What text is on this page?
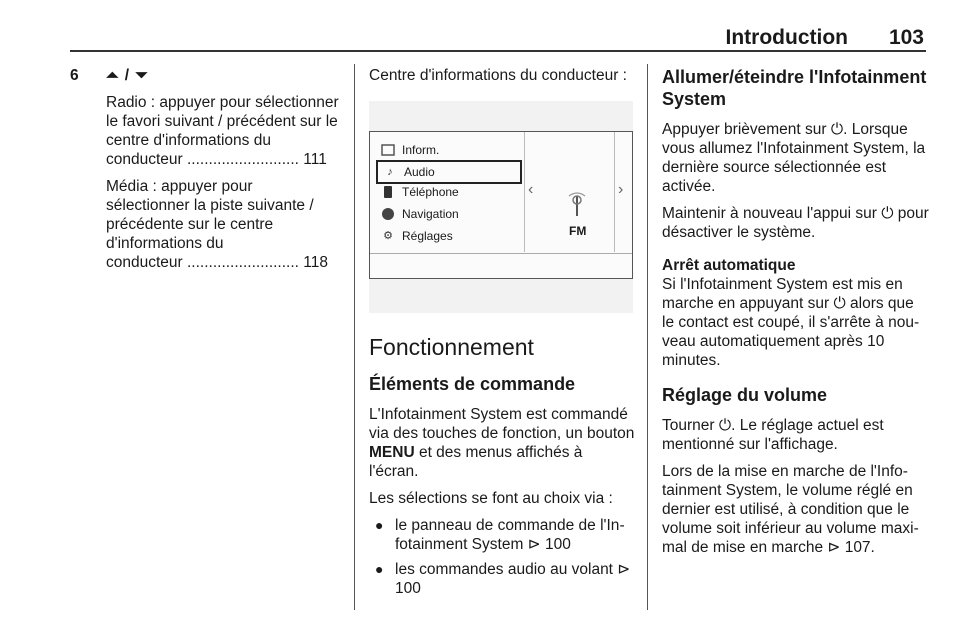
Introduction 103
6	⏶ / ⏷

Radio : appuyer pour sélectionner le favori suivant / précédent sur le centre d'informations du
conducteur .......................... 111

Média : appuyer pour sélectionner la piste suivante / précédente sur le centre d'informations du
conducteur .......................... 118

Centre d'informations du conducteur :
Inform.
♪ Audio
Téléphone
Navigation
⚙ Réglages
‹	›
FM
Fonctionnement
Éléments de commande

L'Infotainment System est commandé via des touches de fonction, un bouton MENU et des menus affichés à l'écran.

Les sélections se font au choix via :

● le panneau de commande de l'Infotainment System ⊳ 100
● les commandes audio au volant ⊳ 100
Allumer/éteindre l'Infotainment System

Appuyer brièvement sur ⏻. Lorsque vous allumez l'Infotainment System, la dernière source sélectionnée est activée.

Maintenir à nouveau l'appui sur ⏻ pour désactiver le système.

Arrêt automatique

Si l'Infotainment System est mis en marche en appuyant sur ⏻ alors que le contact est coupé, il s'arrête à nouveau automatiquement après 10 minutes.

Réglage du volume

Tourner ⏻. Le réglage actuel est mentionné sur l'affichage.

Lors de la mise en marche de l'Infotainment System, le volume réglé en dernier est utilisé, à condition que le volume soit inférieur au volume maximal de mise en marche ⊳ 107.
